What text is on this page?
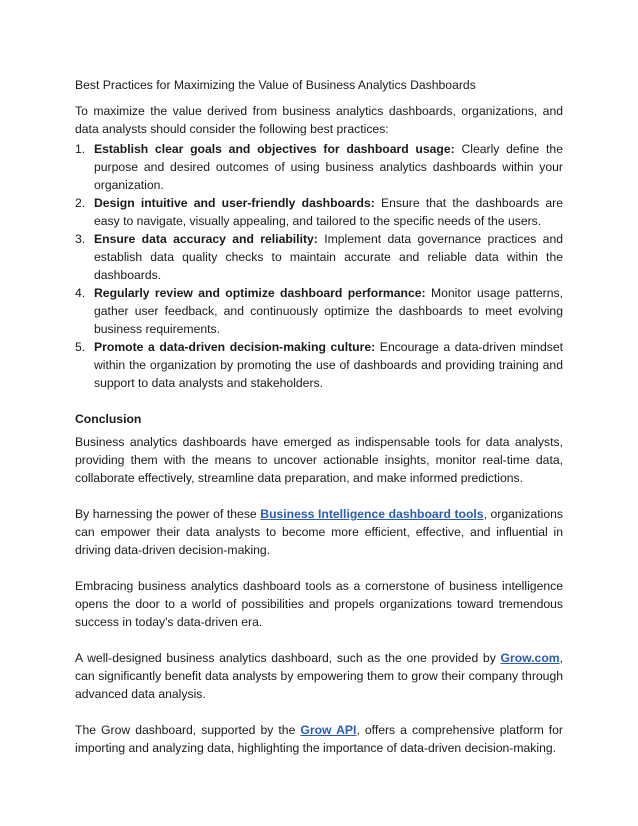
Best Practices for Maximizing the Value of Business Analytics Dashboards

To maximize the value derived from business analytics dashboards, organizations, and data analysts should consider the following best practices:

1. Establish clear goals and objectives for dashboard usage: Clearly define the purpose and desired outcomes of using business analytics dashboards within your organization.
2. Design intuitive and user-friendly dashboards: Ensure that the dashboards are easy to navigate, visually appealing, and tailored to the specific needs of the users.
3. Ensure data accuracy and reliability: Implement data governance practices and establish data quality checks to maintain accurate and reliable data within the dashboards.
4. Regularly review and optimize dashboard performance: Monitor usage patterns, gather user feedback, and continuously optimize the dashboards to meet evolving business requirements.
5. Promote a data-driven decision-making culture: Encourage a data-driven mindset within the organization by promoting the use of dashboards and providing training and support to data analysts and stakeholders.

Conclusion

Business analytics dashboards have emerged as indispensable tools for data analysts, providing them with the means to uncover actionable insights, monitor real-time data, collaborate effectively, streamline data preparation, and make informed predictions.

By harnessing the power of these Business Intelligence dashboard tools, organizations can empower their data analysts to become more efficient, effective, and influential in driving data-driven decision-making.

Embracing business analytics dashboard tools as a cornerstone of business intelligence opens the door to a world of possibilities and propels organizations toward tremendous success in today's data-driven era.

A well-designed business analytics dashboard, such as the one provided by Grow.com, can significantly benefit data analysts by empowering them to grow their company through advanced data analysis.

The Grow dashboard, supported by the Grow API, offers a comprehensive platform for importing and analyzing data, highlighting the importance of data-driven decision-making.
